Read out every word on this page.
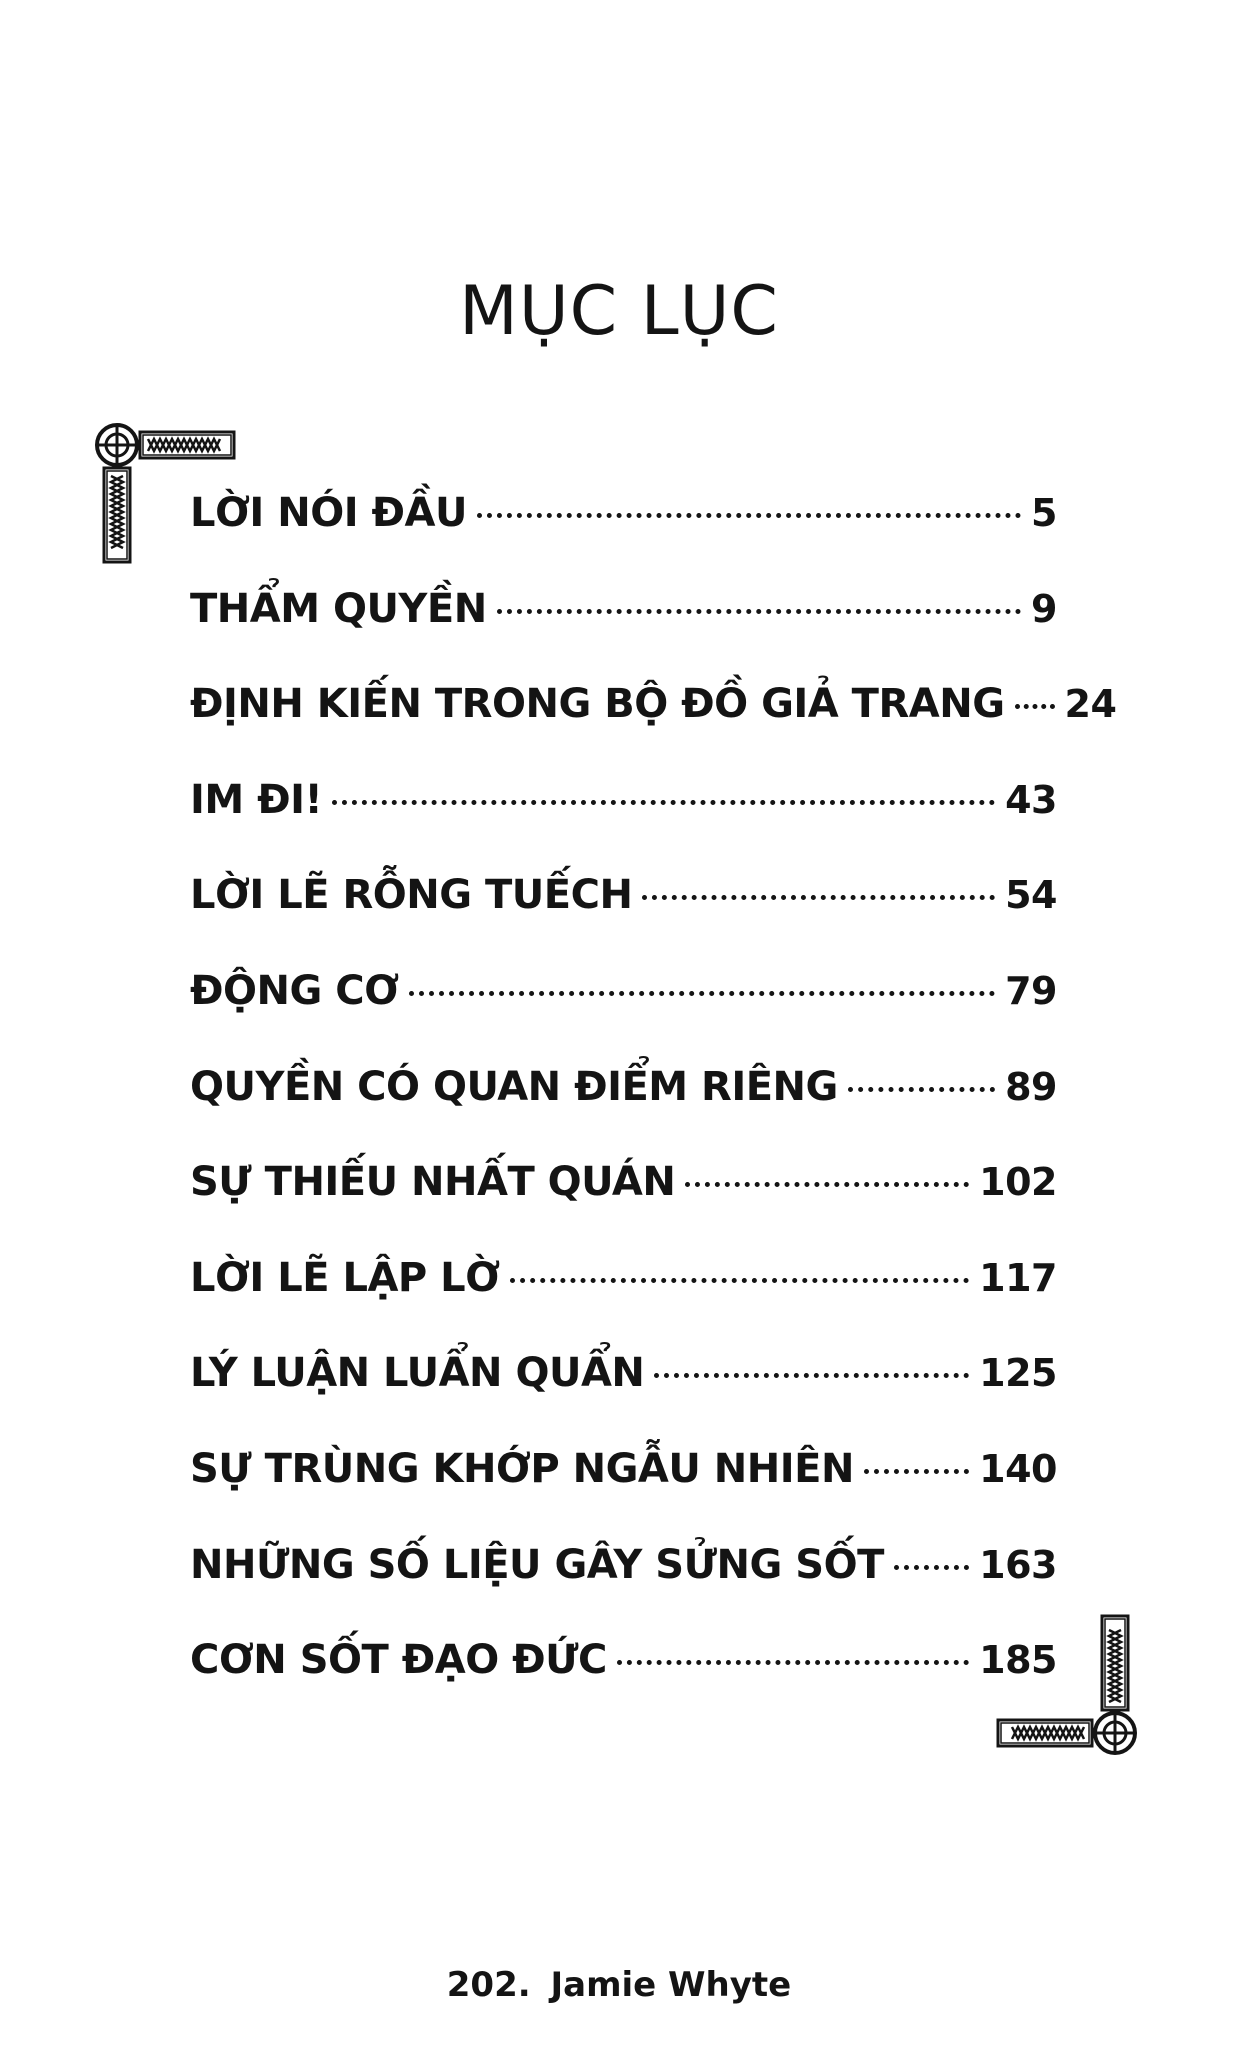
MỤC LỤC
LỜI NÓI ĐẦU	5
THẨM QUYỀN	9
ĐỊNH KIẾN TRONG BỘ ĐỒ GIẢ TRANG 24
IM ĐI!	43
LỜI LẼ RỖNG TUẾCH	54
ĐỘNG CƠ	79
QUYỀN CÓ QUAN ĐIỂM RIÊNG	89
SỰ THIẾU NHẤT QUÁN	102
LỜI LẼ LẬP LỜ	117
LÝ LUẬN LUẨN QUẨN	125
SỰ TRÙNG KHỚP NGẪU NHIÊN	140
NHỮNG SỐ LIỆU GÂY SỬNG SỐT	163
CƠN SỐT ĐẠO ĐỨC	185
202. Jamie Whyte
